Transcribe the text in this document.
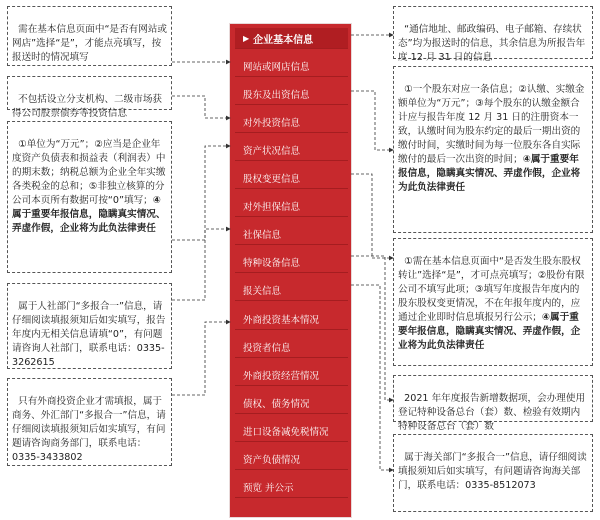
需在基本信息页面中“是否有网站或网店”选择“是”，才能点亮填写，按报送时的情况填写

不包括设立分支机构、二级市场获得公司股票债券等投资信息

①单位为“万元”；②应当是企业年度资产负债表和损益表（利润表）中的期末数；纳税总额为企业全年实缴各类税金的总和；⑤非独立核算的分公司本页所有数据可按“0”填写；④属于重要年报信息，隐瞒真实情况、弄虚作假，企业将为此负法律责任

属于人社部门“多报合一”信息，请仔细阅读填报须知后如实填写，报告年度内无相关信息请填“0”，有问题请咨询人社部门，联系电话：0335-3262615

只有外商投资企业才需填报，属于商务、外汇部门“多报合一”信息，请仔细阅读填报须知后如实填写，有问题请咨询商务部门，联系电话：0335-3433802

“通信地址、邮政编码、电子邮箱、存续状态”均为报送时的信息，其余信息为所报告年度 12 月 31 日的信息

①一个股东对应一条信息；②认缴、实缴金额单位为“万元”；③每个股东的认缴金额合计应与报告年度 12 月 31 日的注册资本一致，认缴时间为股东约定的最后一期出资的缴付时间，实缴时间为每一位股东各自实际缴付的最后一次出资的时间；④属于重要年报信息，隐瞒真实情况、弄虚作假，企业将为此负法律责任

①需在基本信息页面中“是否发生股东股权转让”选择“是”，才可点亮填写；②股份有限公司不填写此项；③填写年度报告年度内的股东股权变更情况，不在年报年度内的，应通过企业即时信息填报另行公示；④属于重要年报信息，隐瞒真实情况、弄虚作假，企业将为此负法律责任

2021 年年度报告新增数据项，会办理使用登记特种设备总台（套）数、检验有效期内特种设备总台（套）数

属于海关部门“多报合一”信息，请仔细阅读填报须知后如实填写，有问题请咨询海关部门，联系电话：0335-8512073

▶ 企业基本信息
网站或网店信息
股东及出资信息
对外投资信息
资产状况信息
股权变更信息
对外担保信息
社保信息
特种设备信息
报关信息
外商投资基本情况
投资者信息
外商投资经营情况
债权、债务情况
进口设备减免税情况
资产负债情况
预览 并公示
